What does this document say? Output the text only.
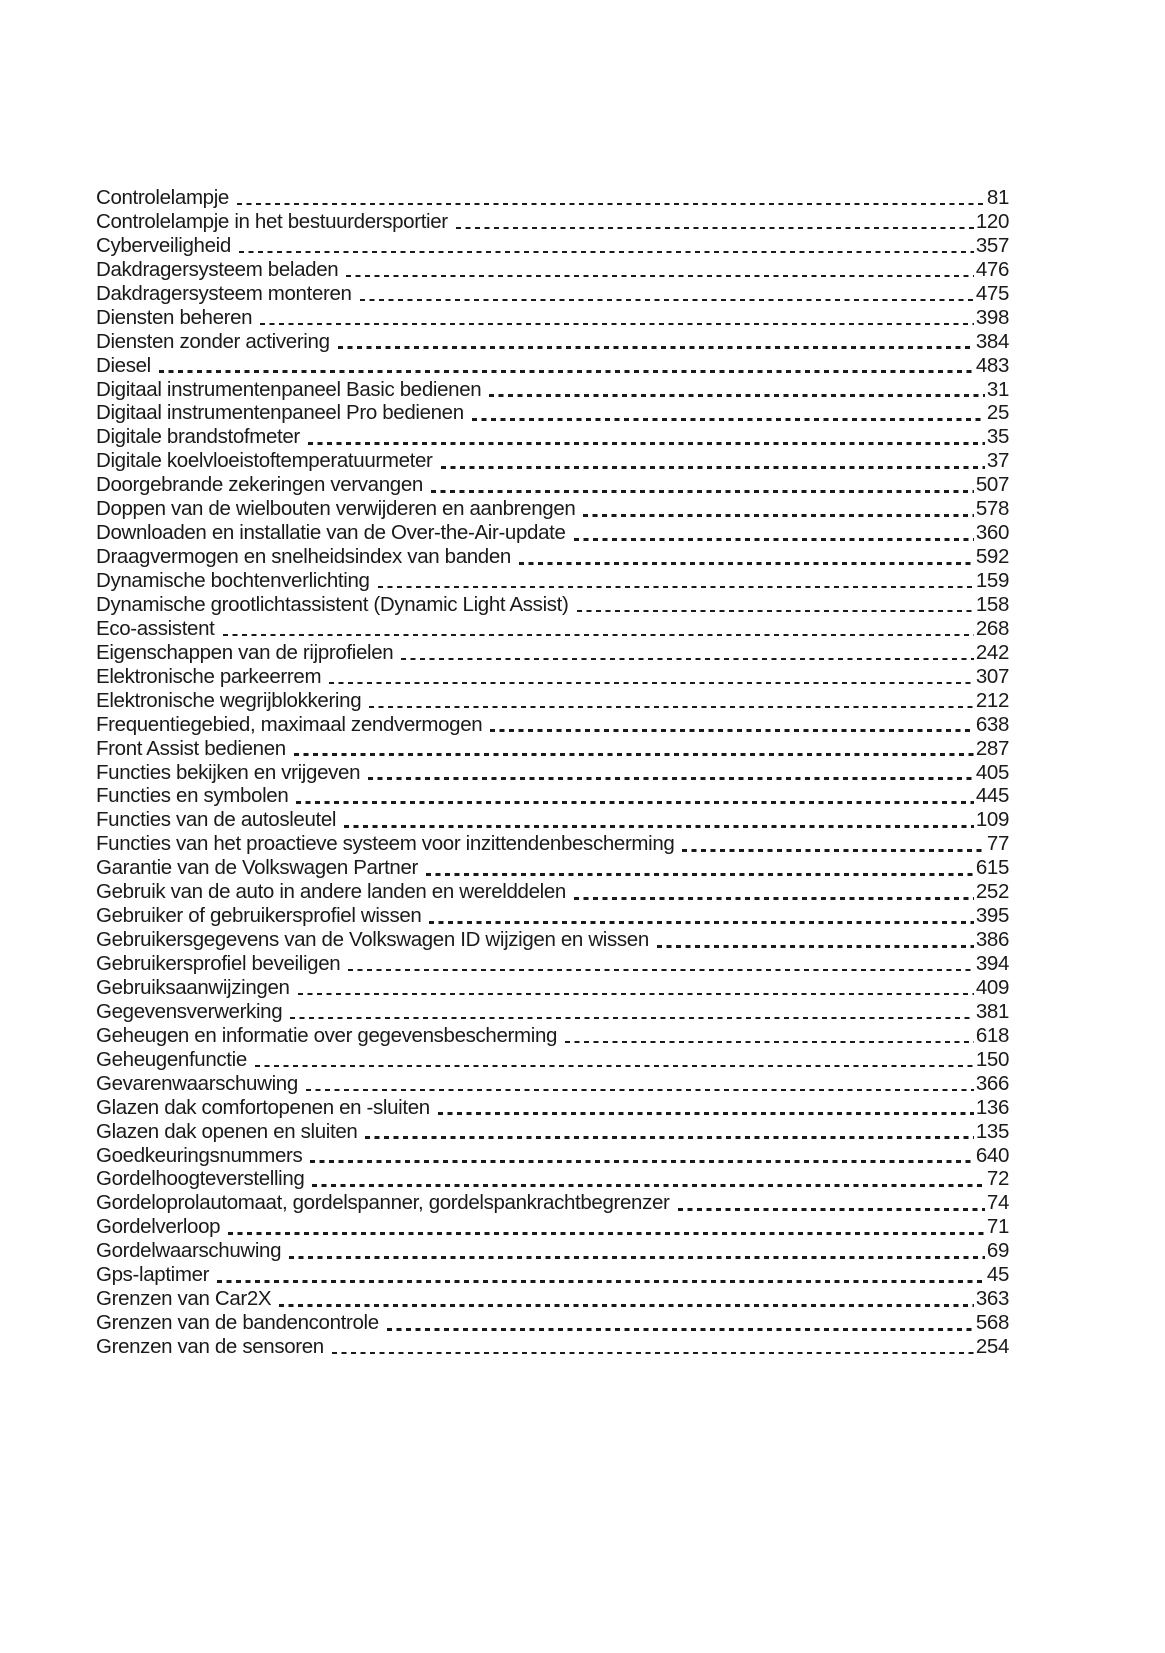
Controlelampje	81
Controlelampje in het bestuurdersportier	120
Cyberveiligheid	357
Dakdragersysteem beladen	476
Dakdragersysteem monteren	475
Diensten beheren	398
Diensten zonder activering	384
Diesel	483
Digitaal instrumentenpaneel Basic bedienen	31
Digitaal instrumentenpaneel Pro bedienen	25
Digitale brandstofmeter	35
Digitale koelvloeistoftemperatuurmeter	37
Doorgebrande zekeringen vervangen	507
Doppen van de wielbouten verwijderen en aanbrengen	578
Downloaden en installatie van de Over-the-Air-update	360
Draagvermogen en snelheidsindex van banden	592
Dynamische bochtenverlichting	159
Dynamische grootlichtassistent (Dynamic Light Assist)	158
Eco-assistent	268
Eigenschappen van de rijprofielen	242
Elektronische parkeerrem	307
Elektronische wegrijblokkering	212
Frequentiegebied, maximaal zendvermogen	638
Front Assist bedienen	287
Functies bekijken en vrijgeven	405
Functies en symbolen	445
Functies van de autosleutel	109
Functies van het proactieve systeem voor inzittendenbescherming	77
Garantie van de Volkswagen Partner	615
Gebruik van de auto in andere landen en werelddelen	252
Gebruiker of gebruikersprofiel wissen	395
Gebruikersgegevens van de Volkswagen ID wijzigen en wissen	386
Gebruikersprofiel beveiligen	394
Gebruiksaanwijzingen	409
Gegevensverwerking	381
Geheugen en informatie over gegevensbescherming	618
Geheugenfunctie	150
Gevarenwaarschuwing	366
Glazen dak comfortopenen en -sluiten	136
Glazen dak openen en sluiten	135
Goedkeuringsnummers	640
Gordelhoogteverstelling	72
Gordeloprolautomaat, gordelspanner, gordelspankrachtbegrenzer	74
Gordelverloop	71
Gordelwaarschuwing	69
Gps-laptimer	45
Grenzen van Car2X	363
Grenzen van de bandencontrole	568
Grenzen van de sensoren	254
